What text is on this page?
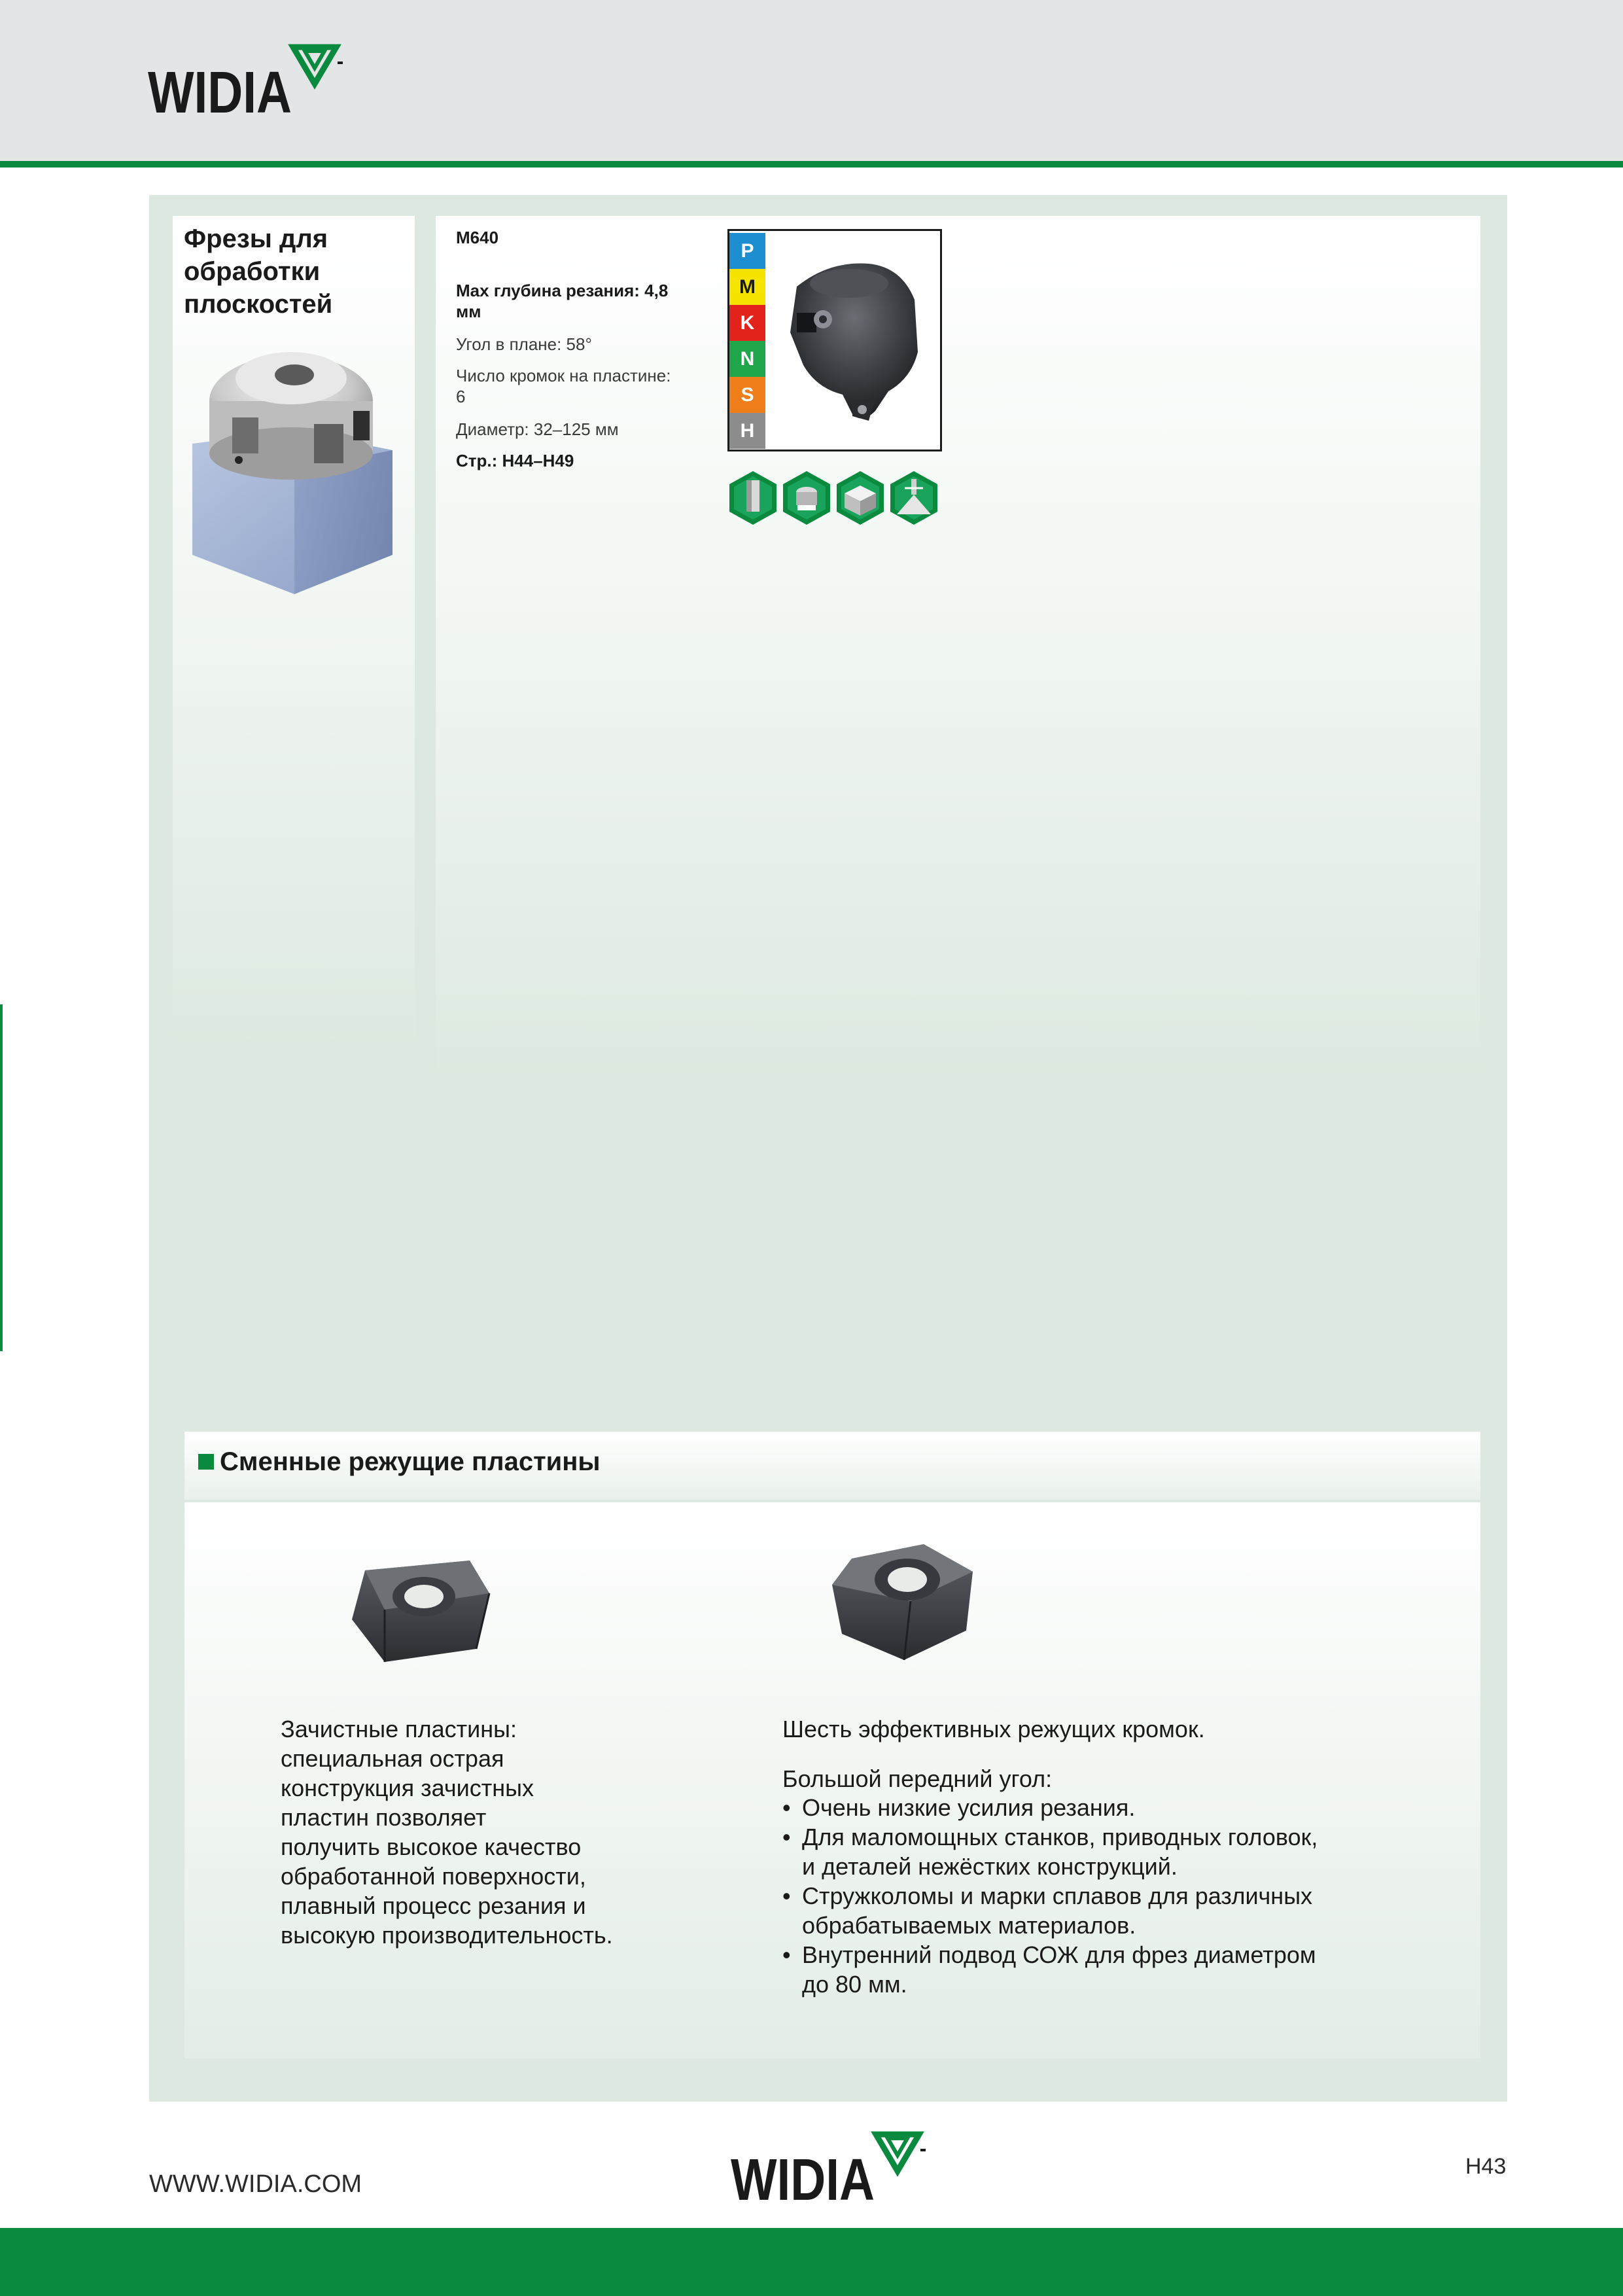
WIDIA
Фрезы для обработки плоскостей
M640

Max глубина резания: 4,8 мм

Угол в плане: 58°

Число кромок на пластине: 6

Диаметр: 32–125 мм

Стр.: H44–H49

P
M
K
N
S
H
Сменные режущие пластины

Зачистные пластины:

специальная острая

конструкция зачистных

пластин позволяет

получить высокое качество

обработанной поверхности,

плавный процесс резания и

высокую производительность.

Шесть эффективных режущих кромок.

Большой передний угол:

• Очень низкие усилия резания.
• Для маломощных станков, приводных головок,
и деталей нежёстких конструкций.
• Стружколомы и марки сплавов для различных
обрабатываемых материалов.
• Внутренний подвод СОЖ для фрез диаметром
до 80 мм.

WWW.WIDIA.COM	WIDIA	H43
